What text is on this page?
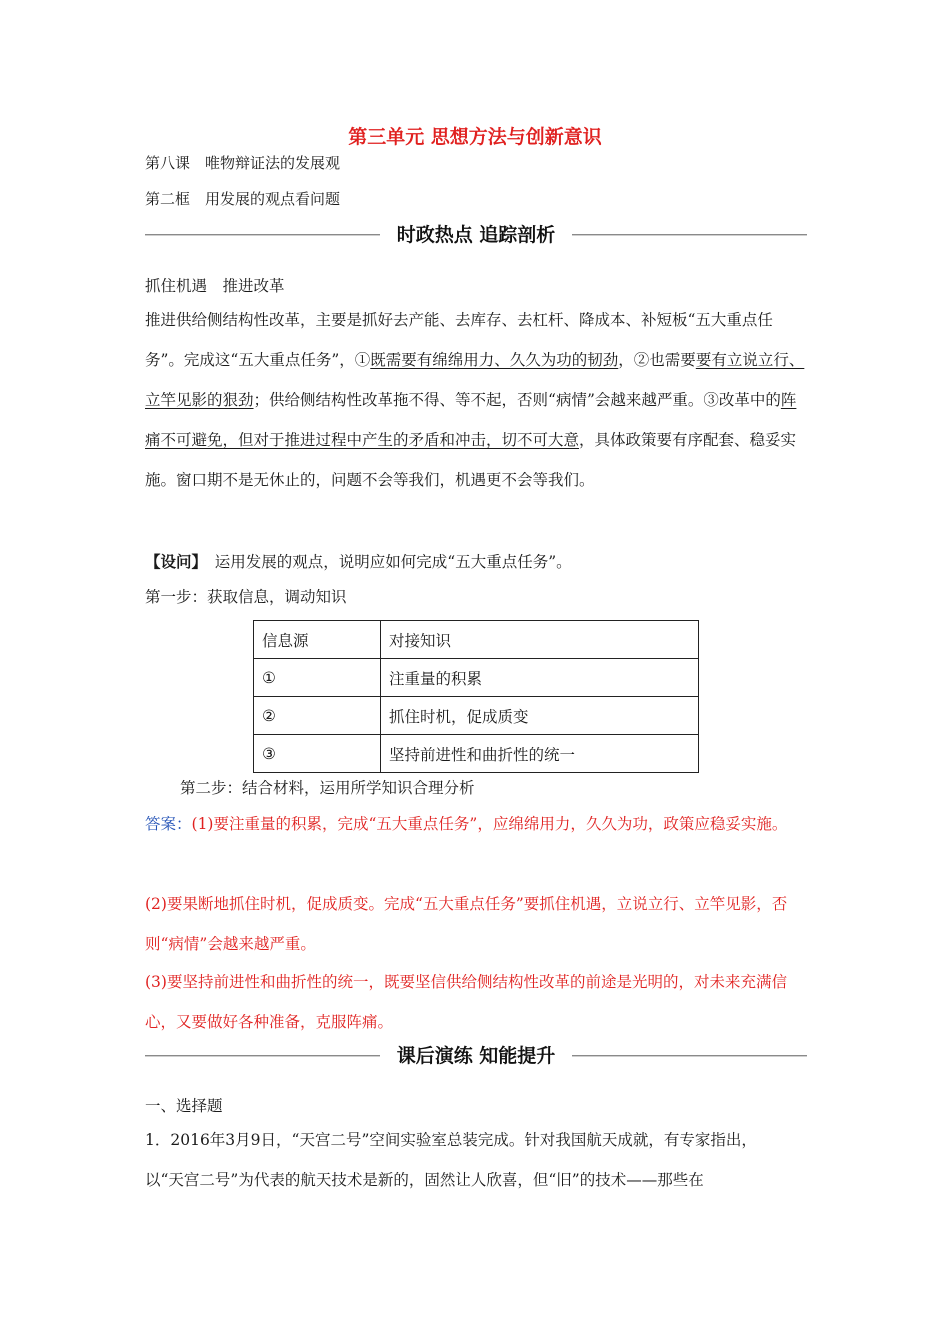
第三单元 思想方法与创新意识
第八课　唯物辩证法的发展观
第二框　用发展的观点看问题
时政热点 追踪剖析
抓住机遇　推进改革
推进供给侧结构性改革，主要是抓好去产能、去库存、去杠杆、降成本、补短板“五大重点任务”。完成这“五大重点任务”，①既需要有绵绵用力、久久为功的韧劲，②也需要要有立说立行、立竿见影的狠劲；供给侧结构性改革拖不得、等不起，否则“病情”会越来越严重。③改革中的阵痛不可避免，但对于推进过程中产生的矛盾和冲击，切不可大意，具体政策要有序配套、稳妥实施。窗口期不是无休止的，问题不会等我们，机遇更不会等我们。
【设问】　运用发展的观点，说明应如何完成“五大重点任务”。
第一步：获取信息，调动知识
信息源	对接知识
①	注重量的积累
②	抓住时机，促成质变
③	坚持前进性和曲折性的统一
第二步：结合材料，运用所学知识合理分析
答案：(1)要注重量的积累，完成“五大重点任务”，应绵绵用力，久久为功，政策应稳妥实施。
(2)要果断地抓住时机，促成质变。完成“五大重点任务”要抓住机遇，立说立行、立竿见影，否则“病情”会越来越严重。
(3)要坚持前进性和曲折性的统一，既要坚信供给侧结构性改革的前途是光明的，对未来充满信心，又要做好各种准备，克服阵痛。
课后演练 知能提升
一、选择题
1．2016年3月9日，“天宫二号”空间实验室总装完成。针对我国航天成就，有专家指出，
以“天宫二号”为代表的航天技术是新的，固然让人欣喜，但“旧”的技术——那些在
